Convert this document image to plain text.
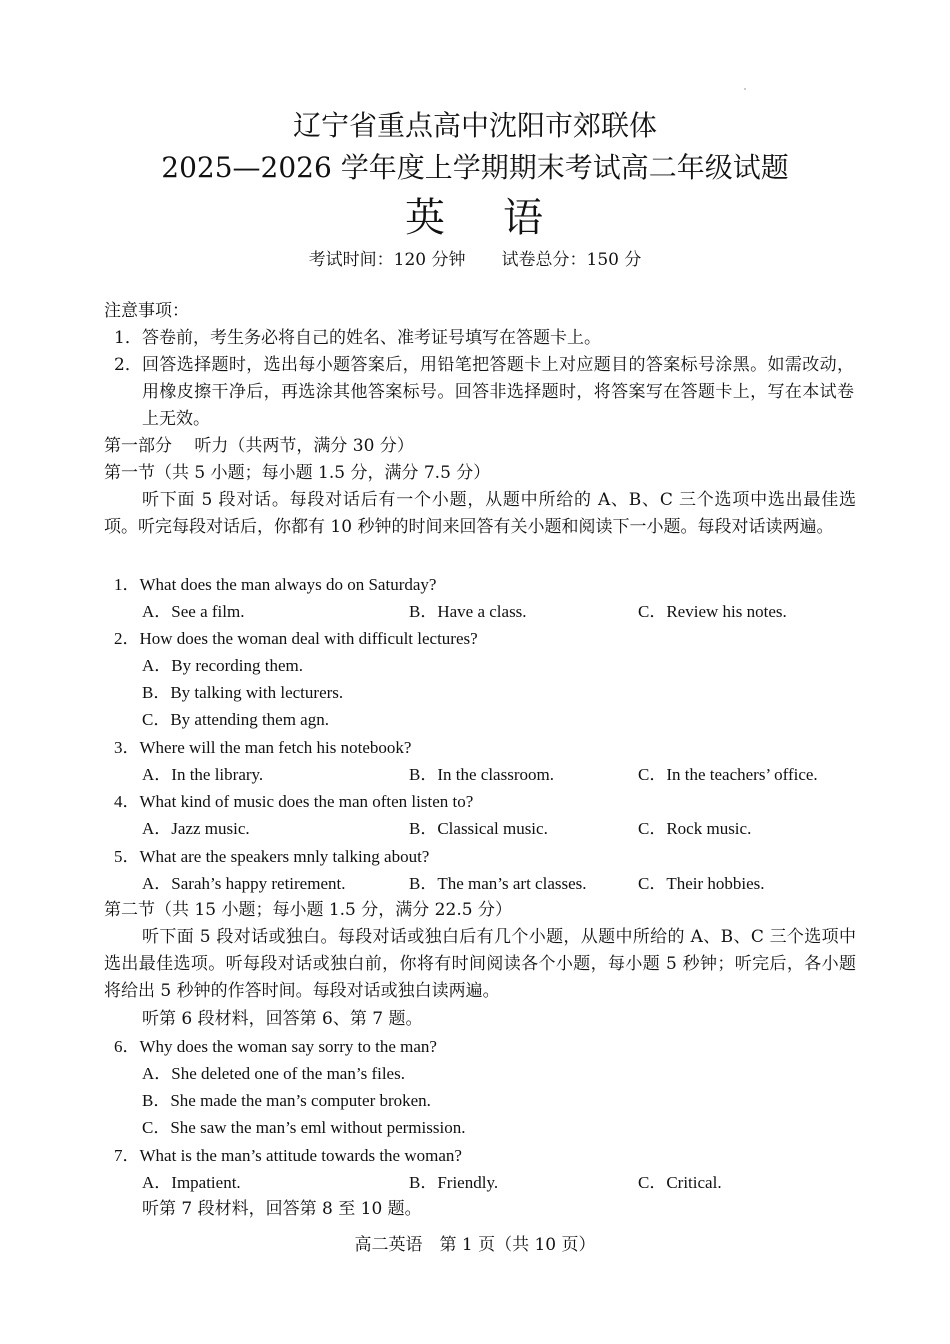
辽宁省重点高中沈阳市郊联体
2025—2026 学年度上学期期末考试高二年级试题
英 语
考试时间：120 分钟 试卷总分：150 分
注意事项：
1． 答卷前，考生务必将自己的姓名、准考证号填写在答题卡上。
2． 回答选择题时，选出每小题答案后，用铅笔把答题卡上对应题目的答案标号涂黑。如需改动，用橡皮擦干净后，再选涂其他答案标号。回答非选择题时，将答案写在答题卡上，写在本试卷上无效。
第一部分　 听力（共两节，满分 30 分）
第一节（共 5 小题；每小题 1.5 分，满分 7.5 分）
听下面 5 段对话。每段对话后有一个小题，从题中所给的 A、B、C 三个选项中选出最佳选项。听完每段对话后，你都有 10 秒钟的时间来回答有关小题和阅读下一小题。每段对话读两遍。
1．What does the man always do on Saturday?
A．See a film.	B．Have a class.	C．Review his notes.
2．How does the woman deal with difficult lectures?
A．By recording them.
B．By talking with lecturers.
C．By attending them agn.
3．Where will the man fetch his notebook?
A．In the library.	B．In the classroom.	C．In the teachers’ office.
4．What kind of music does the man often listen to?
A．Jazz music.	B．Classical music.	C．Rock music.
5．What are the speakers mnly talking about?
A．Sarah’s happy retirement.	B．The man’s art classes.	C．Their hobbies.
第二节（共 15 小题；每小题 1.5 分，满分 22.5 分）
听下面 5 段对话或独白。每段对话或独白后有几个小题，从题中所给的 A、B、C 三个选项中选出最佳选项。听每段对话或独白前，你将有时间阅读各个小题，每小题 5 秒钟；听完后，各小题将给出 5 秒钟的作答时间。每段对话或独白读两遍。
听第 6 段材料，回答第 6、第 7 题。
6．Why does the woman say sorry to the man?
A．She deleted one of the man’s files.
B．She made the man’s computer broken.
C．She saw the man’s eml without permission.
7．What is the man’s attitude towards the woman?
A．Impatient.	B．Friendly.	C．Critical.
听第 7 段材料，回答第 8 至 10 题。
高二英语　第 1 页（共 10 页）
